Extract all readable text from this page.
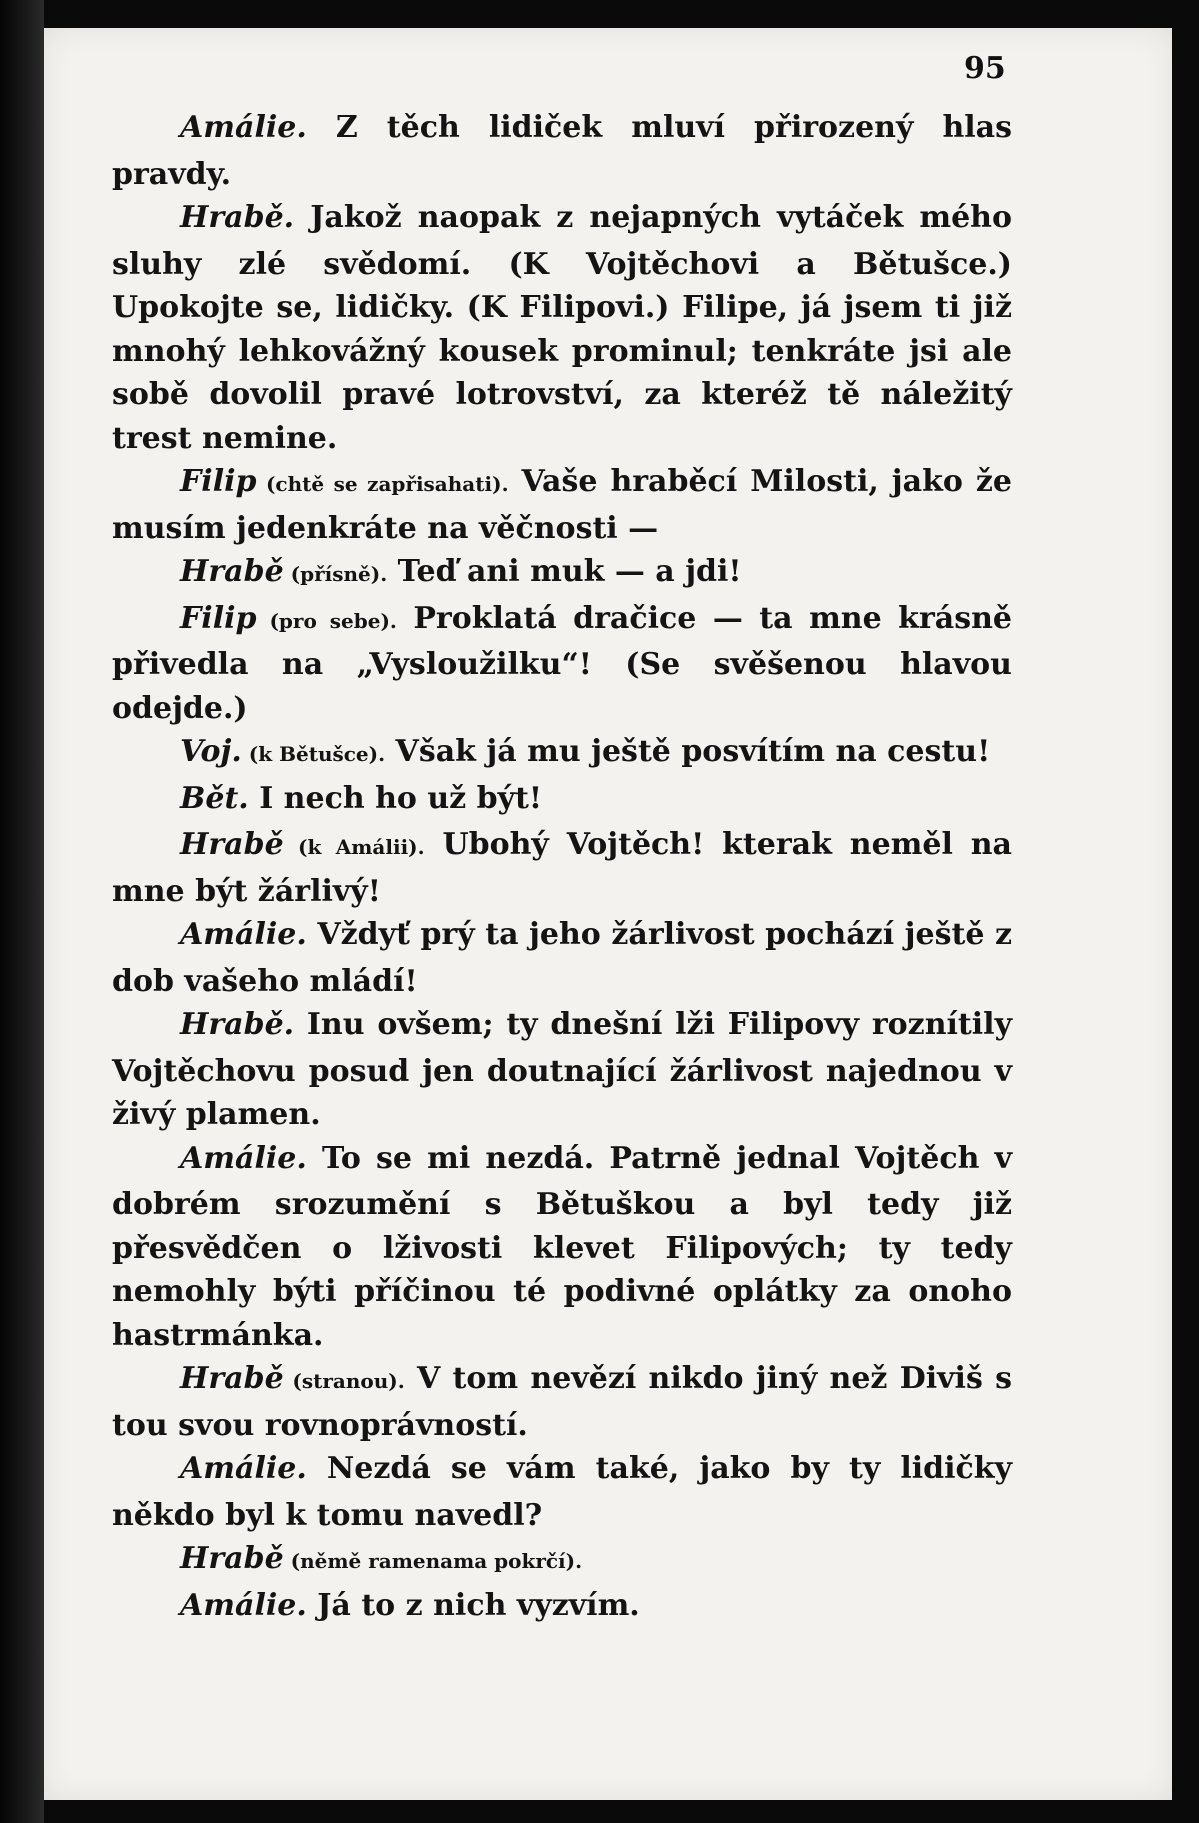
95

Amálie. Z těch lidiček mluví přirozený hlas pravdy.

Hrabě. Jakož naopak z nejapných vytáček mého sluhy zlé svědomí. (K Vojtěchovi a Bětušce.) Upokojte se, lidičky. (K Filipovi.) Filipe, já jsem ti již mnohý lehkovážný kousek prominul; tenkráte jsi ale sobě dovolil pravé lotrovství, za kteréž tě náležitý trest nemine.

Filip (chtě se zapřisahati). Vaše hraběcí Milosti, jako že musím jedenkráte na věčnosti —

Hrabě (přísně). Teď ani muk — a jdi!

Filip (pro sebe). Proklatá dračice — ta mne krásně přivedla na „Vysloužilku“! (Se svěšenou hlavou odejde.)

Voj. (k Bětušce). Však já mu ještě posvítím na cestu!

Bět. I nech ho už být!

Hrabě (k Amálii). Ubohý Vojtěch! kterak neměl na mne být žárlivý!

Amálie. Vždyť prý ta jeho žárlivost pochází ještě z dob vašeho mládí!

Hrabě. Inu ovšem; ty dnešní lži Filipovy roznítily Vojtěchovu posud jen doutnající žárlivost najednou v živý plamen.

Amálie. To se mi nezdá. Patrně jednal Vojtěch v dobrém srozumění s Bětuškou a byl tedy již přesvědčen o lživosti klevet Filipových; ty tedy nemohly býti příčinou té podivné oplátky za onoho hastrmánka.

Hrabě (stranou). V tom nevězí nikdo jiný než Diviš s tou svou rovnoprávností.

Amálie. Nezdá se vám také, jako by ty lidičky někdo byl k tomu navedl?

Hrabě (němě ramenama pokrčí).

Amálie. Já to z nich vyzvím.
